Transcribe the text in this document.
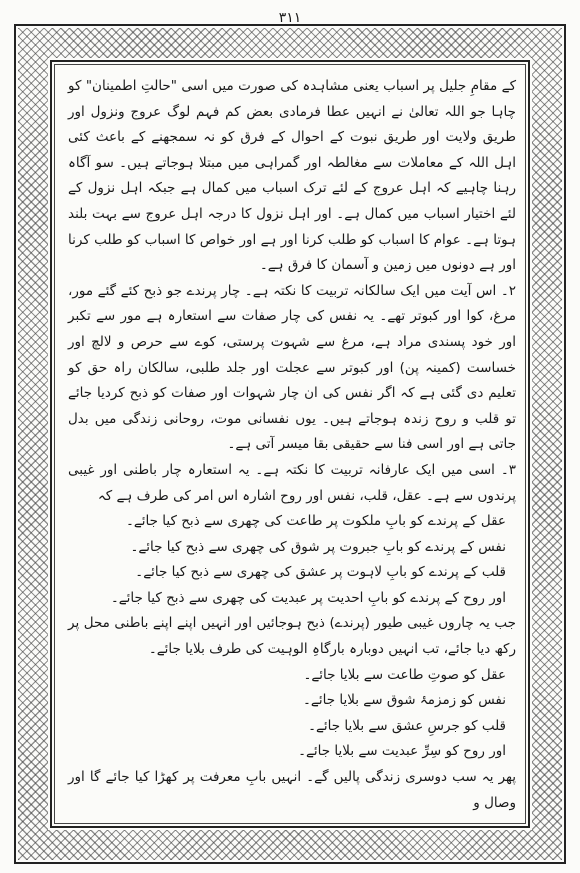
۳۱۱

کے مقامِ جلیل پر اسباب یعنی مشاہدہ کی صورت میں اسی "حالتِ اطمینان" کو چاہا جو اللہ تعالیٰ نے انہیں عطا فرمادی بعض کم فہم لوگ عروج ونزول اور طریق ولایت اور طریق نبوت کے احوال کے فرق کو نہ سمجھنے کے باعث کئی اہل اللہ کے معاملات سے مغالطہ اور گمراہی میں مبتلا ہوجاتے ہیں۔ سو آگاہ رہنا چاہیے کہ اہل عروج کے لئے ترک اسباب میں کمال ہے جبکہ اہل نزول کے لئے اختیار اسباب میں کمال ہے۔ اور اہل نزول کا درجہ اہل عروج سے بہت بلند ہوتا ہے۔ عوام کا اسباب کو طلب کرنا اور ہے اور خواص کا اسباب کو طلب کرنا اور ہے دونوں میں زمین و آسمان کا فرق ہے۔

۲۔ اس آیت میں ایک سالکانہ تربیت کا نکتہ ہے۔ چار پرندے جو ذبح کئے گئے مور، مرغ، کوا اور کبوتر تھے۔ یہ نفس کی چار صفات سے استعارہ ہے مور سے تکبر اور خود پسندی مراد ہے، مرغ سے شہوت پرستی، کوے سے حرص و لالچ اور خساست (کمینہ پن) اور کبوتر سے عجلت اور جلد طلبی، سالکان راہ حق کو تعلیم دی گئی ہے کہ اگر نفس کی ان چار شہوات اور صفات کو ذبح کردیا جائے تو قلب و روح زندہ ہوجاتے ہیں۔ یوں نفسانی موت، روحانی زندگی میں بدل جاتی ہے اور اسی فنا سے حقیقی بقا میسر آتی ہے۔

۳۔ اسی میں ایک عارفانہ تربیت کا نکتہ ہے۔ یہ استعارہ چار باطنی اور غیبی پرندوں سے ہے۔ عقل، قلب، نفس اور روح اشارہ اس امر کی طرف ہے کہ

عقل کے پرندے کو بابِ ملکوت پر طاعت کی چھری سے ذبح کیا جائے۔

نفس کے پرندے کو بابِ جبروت پر شوق کی چھری سے ذبح کیا جائے۔

قلب کے پرندے کو بابِ لاہوت پر عشق کی چھری سے ذبح کیا جائے۔

اور روح کے پرندے کو بابِ احدیت پر عبدیت کی چھری سے ذبح کیا جائے۔

جب یہ چاروں غیبی طیور (پرندے) ذبح ہوجائیں اور انہیں اپنے اپنے باطنی محل پر رکھ دیا جائے، تب انہیں دوبارہ بارگاہِ الوہیت کی طرف بلایا جائے۔

عقل کو صوتِ طاعت سے بلایا جائے۔

نفس کو زمزمۂ شوق سے بلایا جائے۔

قلب کو جرسِ عشق سے بلایا جائے۔

اور روح کو سِرِّ عبدیت سے بلایا جائے۔

پھر یہ سب دوسری زندگی پالیں گے۔ انہیں بابِ معرفت پر کھڑا کیا جائے گا اور وصال و
